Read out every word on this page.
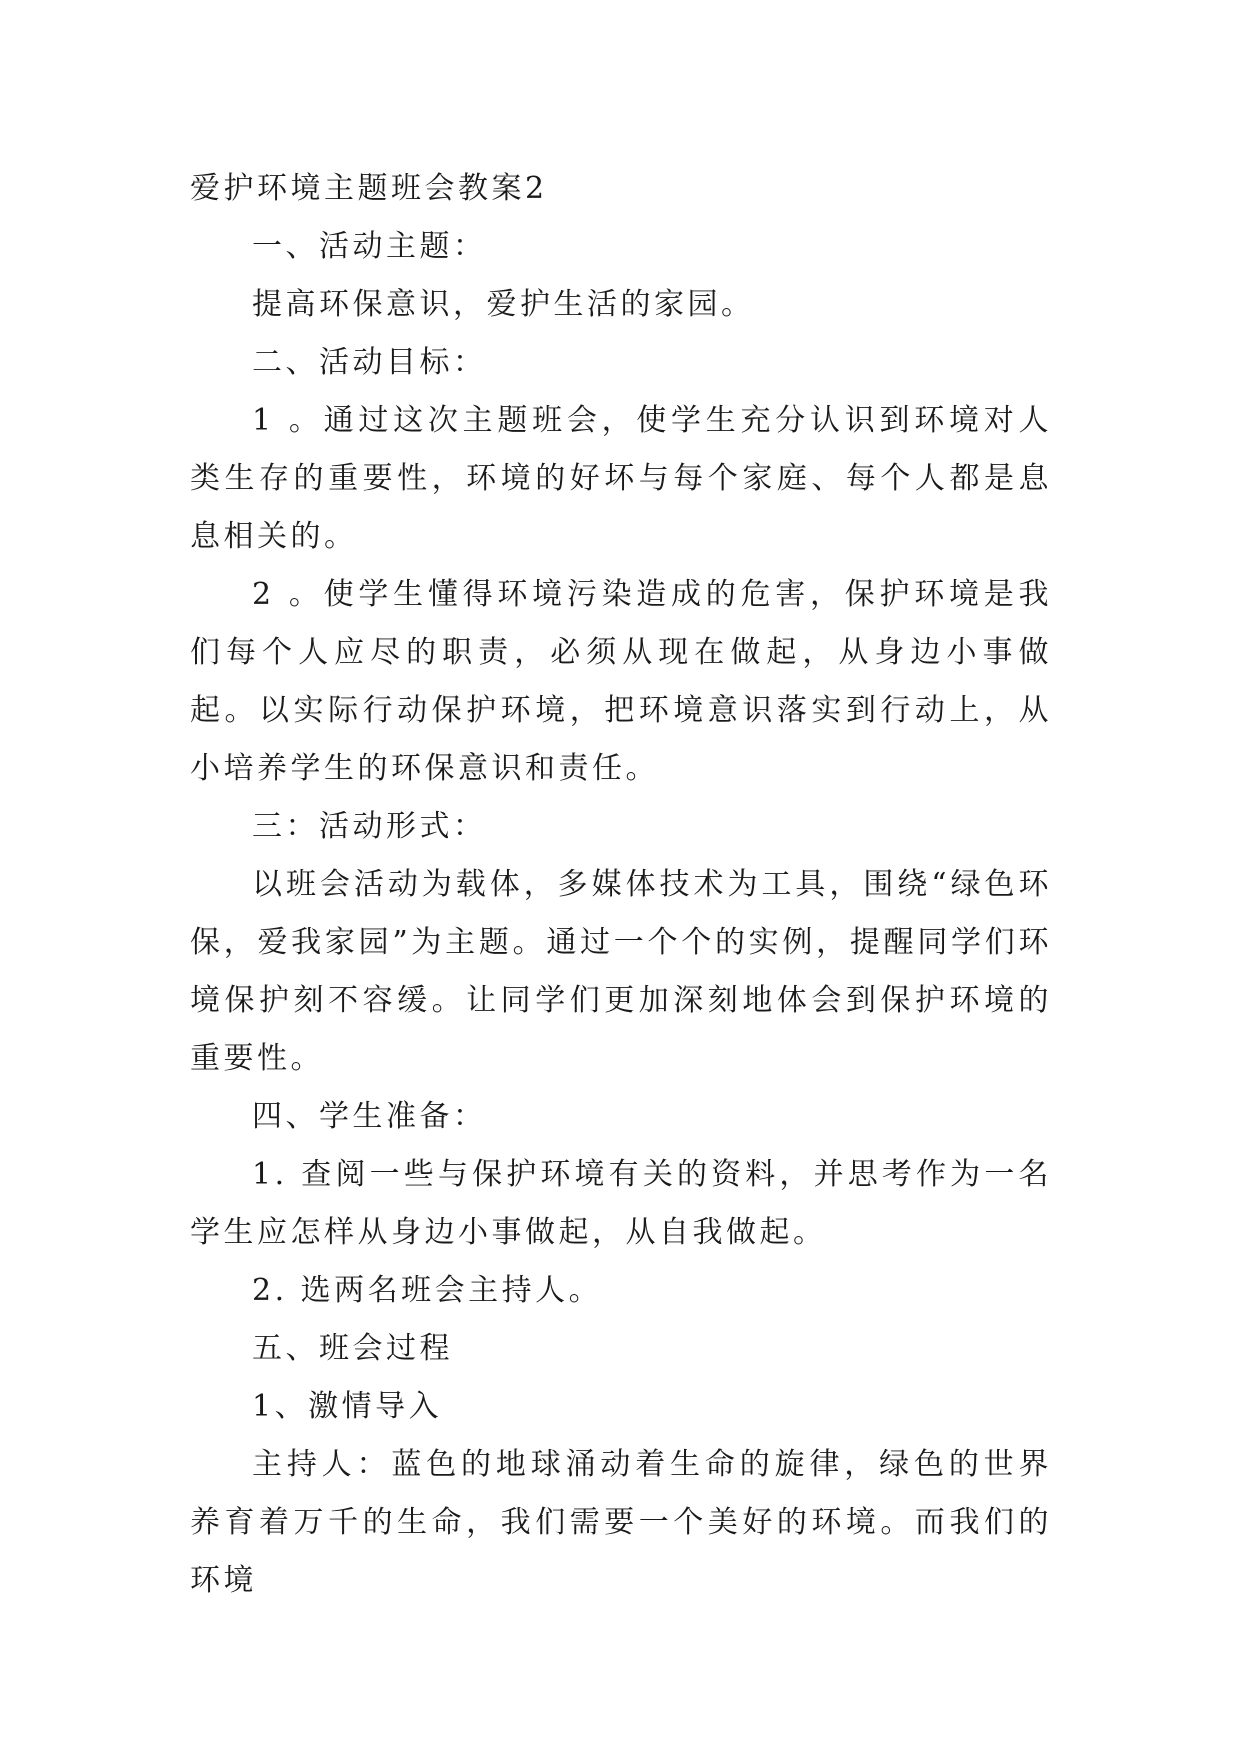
爱护环境主题班会教案2

一、活动主题：

提高环保意识，爱护生活的家园。

二、活动目标：

1 。通过这次主题班会，使学生充分认识到环境对人类生存的重要性，环境的好坏与每个家庭、每个人都是息息相关的。

2 。使学生懂得环境污染造成的危害，保护环境是我们每个人应尽的职责，必须从现在做起，从身边小事做起。以实际行动保护环境，把环境意识落实到行动上，从小培养学生的环保意识和责任。

三：活动形式：

以班会活动为载体，多媒体技术为工具，围绕“绿色环保，爱我家园”为主题。通过一个个的实例，提醒同学们环境保护刻不容缓。让同学们更加深刻地体会到保护环境的重要性。

四、学生准备：

1. 查阅一些与保护环境有关的资料，并思考作为一名学生应怎样从身边小事做起，从自我做起。

2. 选两名班会主持人。

五、班会过程

1、激情导入

主持人：蓝色的地球涌动着生命的旋律，绿色的世界养育着万千的生命，我们需要一个美好的环境。而我们的环境
